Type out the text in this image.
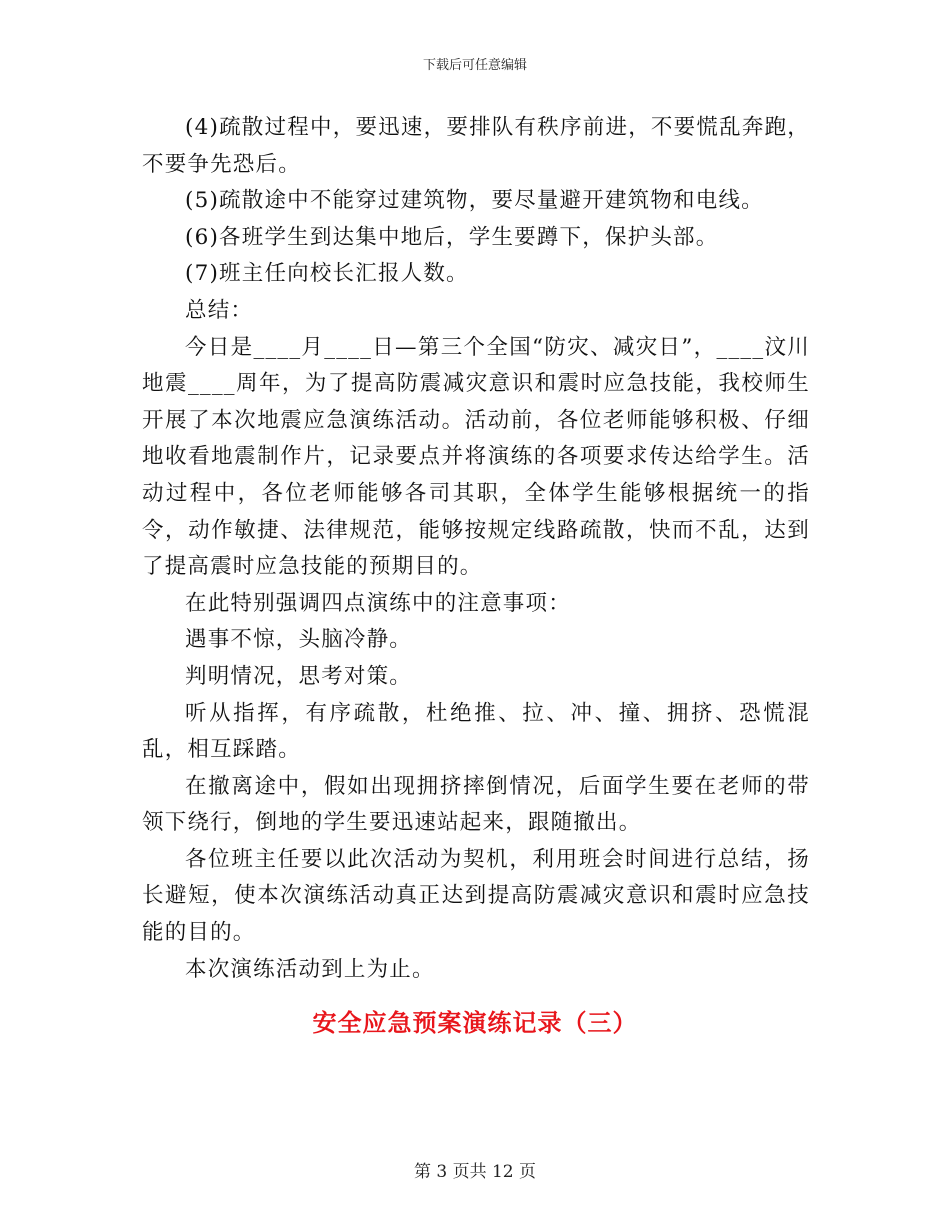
下载后可任意编辑

(4)疏散过程中，要迅速，要排队有秩序前进，不要慌乱奔跑，不要争先恐后。

(5)疏散途中不能穿过建筑物，要尽量避开建筑物和电线。

(6)各班学生到达集中地后，学生要蹲下，保护头部。

(7)班主任向校长汇报人数。

总结：

今日是____月____日—第三个全国“防灾、减灾日”，____汶川地震____周年，为了提高防震减灾意识和震时应急技能，我校师生开展了本次地震应急演练活动。活动前，各位老师能够积极、仔细地收看地震制作片，记录要点并将演练的各项要求传达给学生。活动过程中，各位老师能够各司其职，全体学生能够根据统一的指令，动作敏捷、法律规范，能够按规定线路疏散，快而不乱，达到了提高震时应急技能的预期目的。

在此特别强调四点演练中的注意事项：

遇事不惊，头脑冷静。

判明情况，思考对策。

听从指挥，有序疏散，杜绝推、拉、冲、撞、拥挤、恐慌混乱，相互踩踏。

在撤离途中，假如出现拥挤摔倒情况，后面学生要在老师的带领下绕行，倒地的学生要迅速站起来，跟随撤出。

各位班主任要以此次活动为契机，利用班会时间进行总结，扬长避短，使本次演练活动真正达到提高防震减灾意识和震时应急技能的目的。

本次演练活动到上为止。

安全应急预案演练记录（三）
第 3 页共 12 页
